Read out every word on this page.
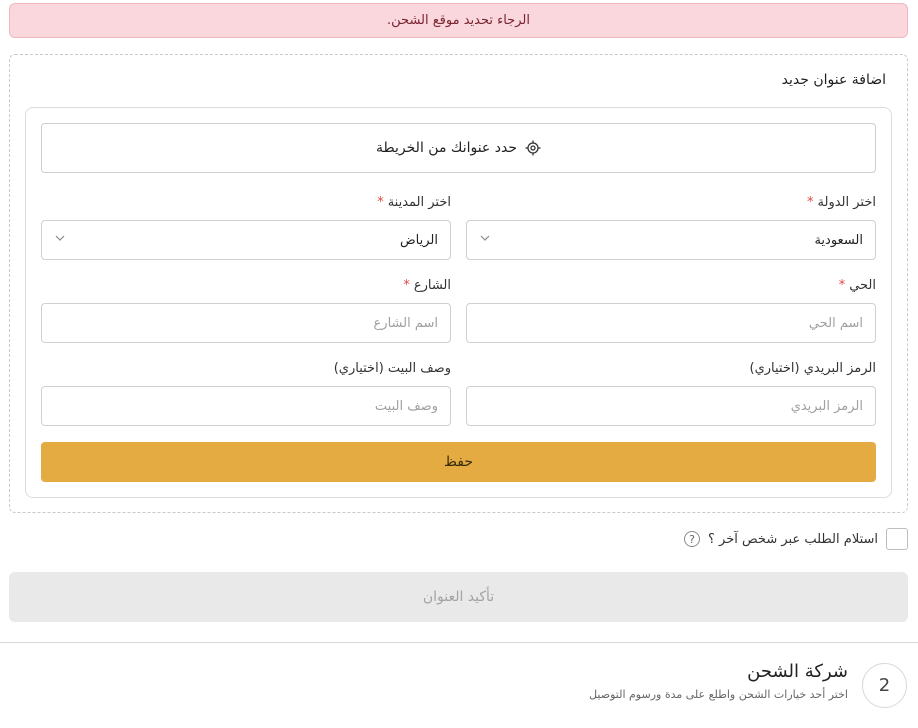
الرجاء تحديد موقع الشحن.
اضافة عنوان جديد
حدد عنوانك من الخريطة
اختر الدولة*
السعودية
اختر المدينة*
الرياض
الحي*
اسم الحي
الشارع*
اسم الشارع
الرمز البريدي (اختياري)
الرمز البريدي
وصف البيت (اختياري)
وصف البيت
حفظ
استلام الطلب عبر شخص آخر ؟
?
تأكيد العنوان
2
شركة الشحن
اختر أحد خيارات الشحن واطلع على مدة ورسوم التوصيل
